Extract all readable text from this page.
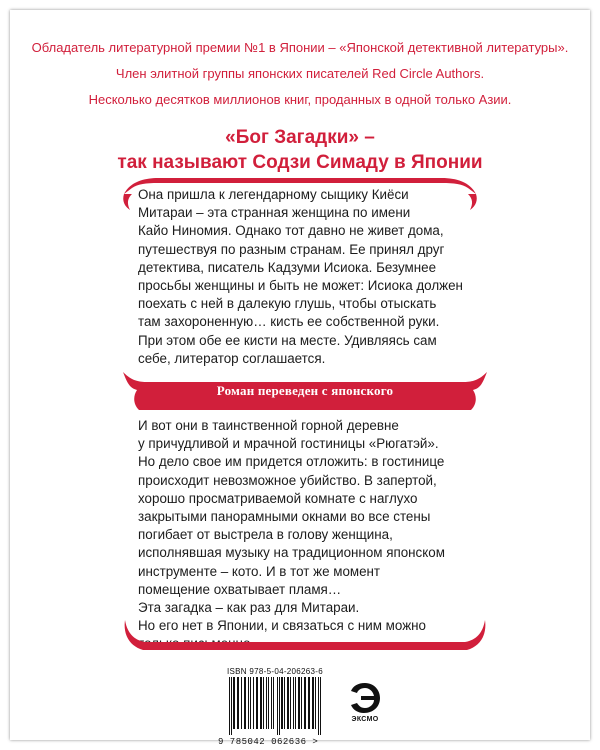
Обладатель литературной премии №1 в Японии – «Японской детективной литературы».
Член элитной группы японских писателей Red Circle Authors.
Несколько десятков миллионов книг, проданных в одной только Азии.
«Бог Загадки» –
так называют Содзи Симаду в Японии
Она пришла к легендарному сыщику Киёси
Митараи – эта странная женщина по имени
Кайо Ниномия. Однако тот давно не живет дома,
путешествуя по разным странам. Ее принял друг
детектива, писатель Кадзуми Исиока. Безумнее
просьбы женщины и быть не может: Исиока должен
поехать с ней в далекую глушь, чтобы отыскать
там захороненную… кисть ее собственной руки.
При этом обе ее кисти на месте. Удивляясь сам
себе, литератор соглашается.
Роман переведен с японского
И вот они в таинственной горной деревне
у причудливой и мрачной гостиницы «Рюгатэй».
Но дело свое им придется отложить: в гостинице
происходит невозможное убийство. В запертой,
хорошо просматриваемой комнате с наглухо
закрытыми панорамными окнами во все стены
погибает от выстрела в голову женщина,
исполнявшая музыку на традиционном японском
инструменте – кото. И в тот же момент
помещение охватывает пламя…
Эта загадка – как раз для Митараи.
Но его нет в Японии, и связаться с ним можно
ISBN 978-5-04-206263-6
9 785042 062636 >
ЭКСМО
